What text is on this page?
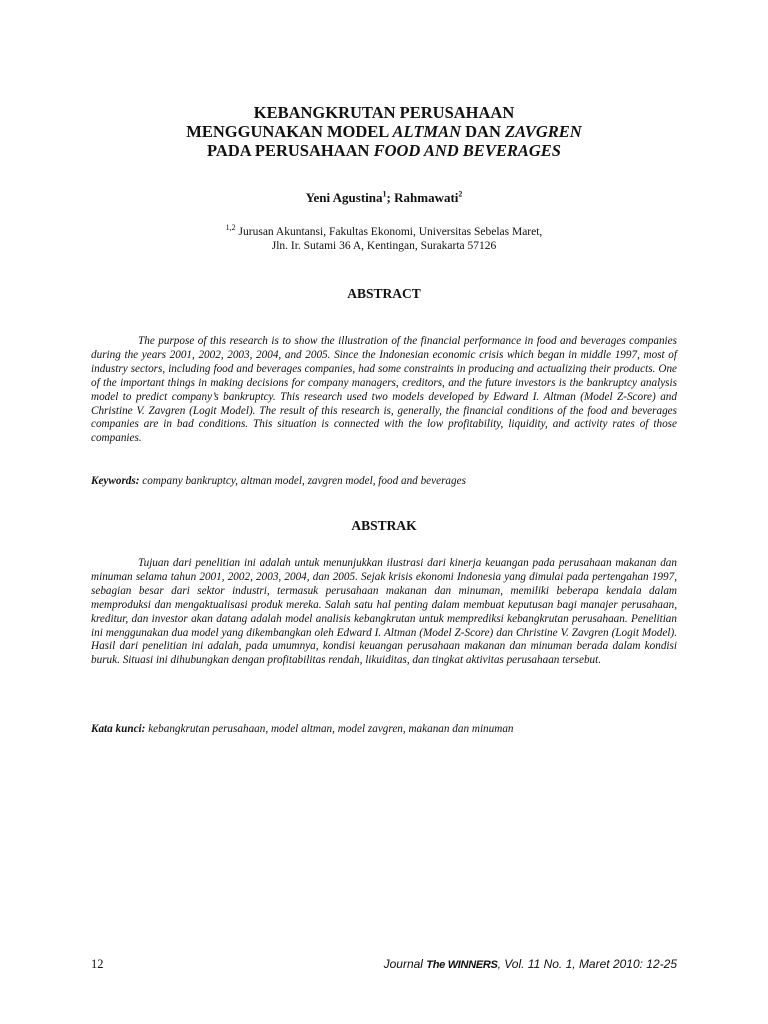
KEBANGKRUTAN PERUSAHAAN
MENGGUNAKAN MODEL ALTMAN DAN ZAVGREN
PADA PERUSAHAAN FOOD AND BEVERAGES
Yeni Agustina$^1$; Rahmawati$^2$
$^{1,2}$ Jurusan Akuntansi, Fakultas Ekonomi, Universitas Sebelas Maret,
Jln. Ir. Sutami 36 A, Kentingan, Surakarta 57126
ABSTRACT
The purpose of this research is to show the illustration of the financial performance in food and beverages companies during the years 2001, 2002, 2003, 2004, and 2005. Since the Indonesian economic crisis which began in middle 1997, most of industry sectors, including food and beverages companies, had some constraints in producing and actualizing their products. One of the important things in making decisions for company managers, creditors, and the future investors is the bankruptcy analysis model to predict company’s bankruptcy. This research used two models developed by Edward I. Altman (Model Z-Score) and Christine V. Zavgren (Logit Model). The result of this research is, generally, the financial conditions of the food and beverages companies are in bad conditions. This situation is connected with the low profitability, liquidity, and activity rates of those companies.
Keywords: company bankruptcy, altman model, zavgren model, food and beverages
ABSTRAK
Tujuan dari penelitian ini adalah untuk menunjukkan ilustrasi dari kinerja keuangan pada perusahaan makanan dan minuman selama tahun 2001, 2002, 2003, 2004, dan 2005. Sejak krisis ekonomi Indonesia yang dimulai pada pertengahan 1997, sebagian besar dari sektor industri, termasuk perusahaan makanan dan minuman, memiliki beberapa kendala dalam memproduksi dan mengaktualisasi produk mereka. Salah satu hal penting dalam membuat keputusan bagi manajer perusahaan, kreditur, dan investor akan datang adalah model analisis kebangkrutan untuk memprediksi kebangkrutan perusahaan. Penelitian ini menggunakan dua model yang dikembangkan oleh Edward I. Altman (Model Z-Score) dan Christine V. Zavgren (Logit Model). Hasil dari penelitian ini adalah, pada umumnya, kondisi keuangan perusahaan makanan dan minuman berada dalam kondisi buruk. Situasi ini dihubungkan dengan profitabilitas rendah, likuiditas, dan tingkat aktivitas perusahaan tersebut.
Kata kunci: kebangkrutan perusahaan, model altman, model zavgren, makanan dan minuman
12	Journal The WINNERS, Vol. 11 No. 1, Maret 2010: 12-25
